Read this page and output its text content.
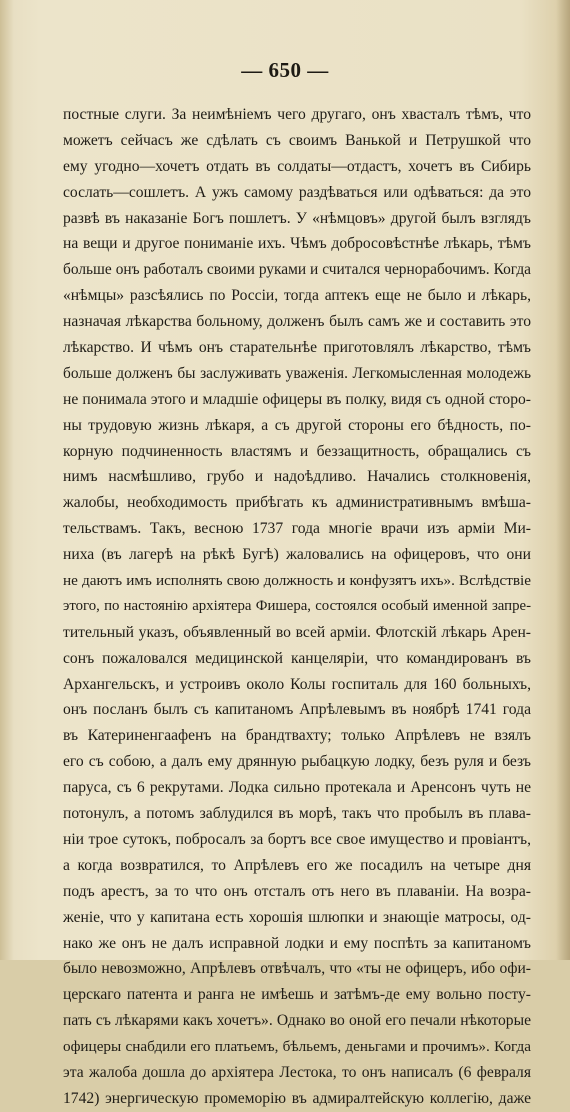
— 650 —
постные слуги. За неимѣніемъ чего другаго, онъ хвасталъ тѣмъ, что
можетъ сейчасъ же сдѣлать съ своимъ Ванькой и Петрушкой что
ему угодно—хочетъ отдать въ солдаты—отдастъ, хочетъ въ Сибирь
сослать—сошлетъ. А ужъ самому раздѣваться или одѣваться: да это
развѣ въ наказаніе Богъ пошлетъ. У «нѣмцовъ» другой былъ взглядъ
на вещи и другое пониманіе ихъ. Чѣмъ добросовѣстнѣе лѣкарь, тѣмъ
больше онъ работалъ своими руками и считался чернорабочимъ. Когда
«нѣмцы» разсѣялись по Россіи, тогда аптекъ еще не было и лѣкарь,
назначая лѣкарства больному, долженъ былъ самъ же и составить это
лѣкарство. И чѣмъ онъ старательнѣе приготовлялъ лѣкарство, тѣмъ
больше долженъ бы заслуживать уваженія. Легкомысленная молодежь
не понимала этого и младшіе офицеры въ полку, видя съ одной сторо-
ны трудовую жизнь лѣкаря, а съ другой стороны его бѣдность, по-
корную подчиненность властямъ и беззащитность, обращались съ
нимъ насмѣшливо, грубо и надоѣдливо. Начались столкновенія,
жалобы, необходимость прибѣгать къ административнымъ вмѣша-
тельствамъ. Такъ, весною 1737 года многіе врачи изъ арміи Ми-
ниха (въ лагерѣ на рѣкѣ Бугѣ) жаловались на офицеровъ, что они
не даютъ имъ исполнять свою должность и конфузятъ ихъ». Вслѣдствіе
этого, по настоянію архіятера Фишера, состоялся особый именной запре-
тительный указъ, объявленный во всей арміи. Флотскій лѣкарь Арен-
сонъ пожаловался медицинской канцеляріи, что командированъ въ
Архангельскъ, и устроивъ около Колы госпиталь для 160 больныхъ,
онъ посланъ былъ съ капитаномъ Апрѣлевымъ въ ноябрѣ 1741 года
въ Катериненгаафенъ на брандтвахту; только Апрѣлевъ не взялъ
его съ собою, а далъ ему дрянную рыбацкую лодку, безъ руля и безъ
паруса, съ 6 рекрутами. Лодка сильно протекала и Аренсонъ чуть не
потонулъ, а потомъ заблудился въ морѣ, такъ что пробылъ въ плава-
ніи трое сутокъ, побросалъ за бортъ все свое имущество и провіантъ,
а когда возвратился, то Апрѣлевъ его же посадилъ на четыре дня
подъ арестъ, за то что онъ отсталъ отъ него въ плаваніи. На возра-
женіе, что у капитана есть хорошія шлюпки и знающіе матросы, од-
нако же онъ не далъ исправной лодки и ему поспѣть за капитаномъ
было невозможно, Апрѣлевъ отвѣчалъ, что «ты не офицеръ, ибо офи-
церскаго патента и ранга не имѣешь и затѣмъ-де ему вольно посту-
пать съ лѣкарями какъ хочетъ». Однако во оной его печали нѣкоторые
офицеры снабдили его платьемъ, бѣльемъ, деньгами и прочимъ». Когда
эта жалоба дошла до архіятера Лестока, то онъ написалъ (6 февраля
1742) энергическую промеморію въ адмиралтейскую коллегію, даже
